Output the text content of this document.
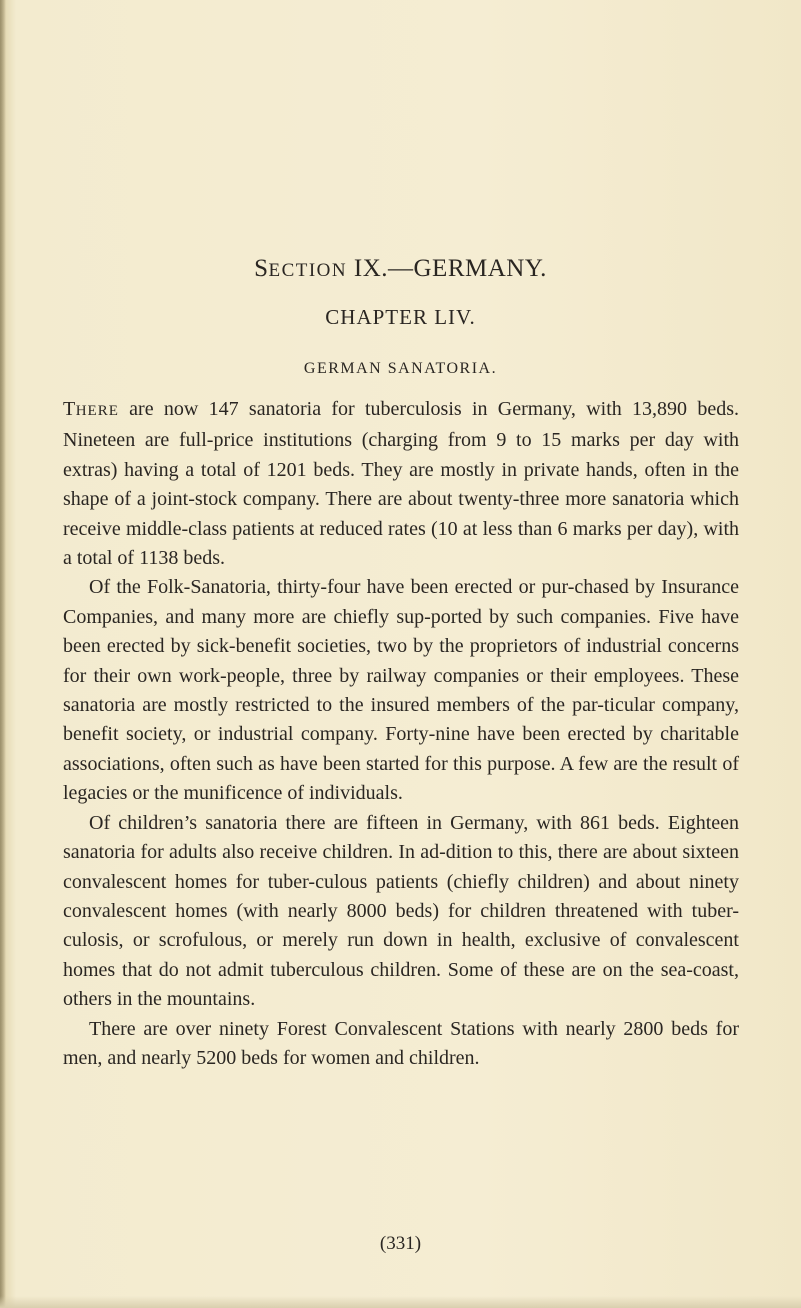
SECTION IX.—GERMANY.
CHAPTER LIV.
GERMAN SANATORIA.

THERE are now 147 sanatoria for tuberculosis in Germany, with 13,890 beds. Nineteen are full-price institutions (charging from 9 to 15 marks per day with extras) having a total of 1201 beds. They are mostly in private hands, often in the shape of a joint-stock company. There are about twenty-three more sanatoria which receive middle-class patients at reduced rates (10 at less than 6 marks per day), with a total of 1138 beds.

Of the Folk-Sanatoria, thirty-four have been erected or pur-chased by Insurance Companies, and many more are chiefly sup-ported by such companies. Five have been erected by sick-benefit societies, two by the proprietors of industrial concerns for their own work-people, three by railway companies or their employees. These sanatoria are mostly restricted to the insured members of the par-ticular company, benefit society, or industrial company. Forty-nine have been erected by charitable associations, often such as have been started for this purpose. A few are the result of legacies or the munificence of individuals.

Of children’s sanatoria there are fifteen in Germany, with 861 beds. Eighteen sanatoria for adults also receive children. In ad-dition to this, there are about sixteen convalescent homes for tuber-culous patients (chiefly children) and about ninety convalescent homes (with nearly 8000 beds) for children threatened with tuber-culosis, or scrofulous, or merely run down in health, exclusive of convalescent homes that do not admit tuberculous children. Some of these are on the sea-coast, others in the mountains.

There are over ninety Forest Convalescent Stations with nearly 2800 beds for men, and nearly 5200 beds for women and children.

(331)
